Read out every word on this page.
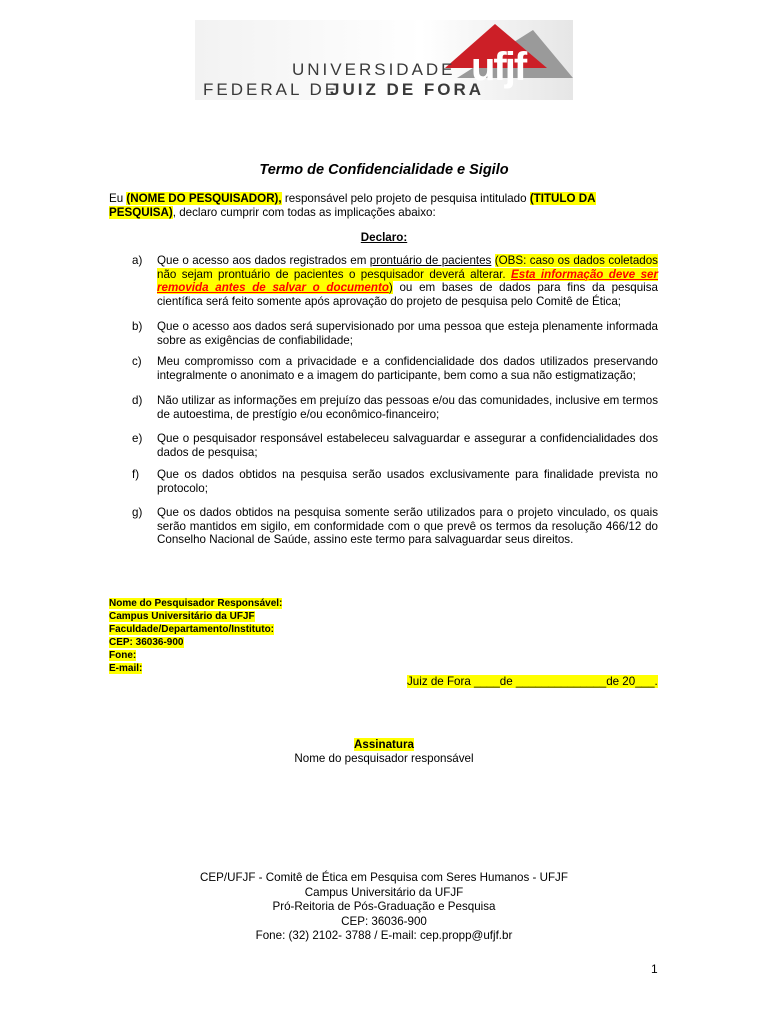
UNIVERSIDADE
FEDERAL DE
JUIZ DE FORA
ufjf
Termo de Confidencialidade e Sigilo
Eu (NOME DO PESQUISADOR), responsável pelo projeto de pesquisa intitulado (TITULO DA PESQUISA), declaro cumprir com todas as implicações abaixo:
Declaro:
a) Que o acesso aos dados registrados em prontuário de pacientes (OBS: caso os dados coletados não sejam prontuário de pacientes o pesquisador deverá alterar. Esta informação deve ser removida antes de salvar o documento) ou em bases de dados para fins da pesquisa científica será feito somente após aprovação do projeto de pesquisa pelo Comitê de Ética;
b) Que o acesso aos dados será supervisionado por uma pessoa que esteja plenamente informada sobre as exigências de confiabilidade;
c) Meu compromisso com a privacidade e a confidencialidade dos dados utilizados preservando integralmente o anonimato e a imagem do participante, bem como a sua não estigmatização;
d) Não utilizar as informações em prejuízo das pessoas e/ou das comunidades, inclusive em termos de autoestima, de prestígio e/ou econômico-financeiro;
e) Que o pesquisador responsável estabeleceu salvaguardar e assegurar a confidencialidades dos dados de pesquisa;
f) Que os dados obtidos na pesquisa serão usados exclusivamente para finalidade prevista no protocolo;
g) Que os dados obtidos na pesquisa somente serão utilizados para o projeto vinculado, os quais serão mantidos em sigilo, em conformidade com o que prevê os termos da resolução 466/12 do Conselho Nacional de Saúde, assino este termo para salvaguardar seus direitos.
Nome do Pesquisador Responsável:
Campus Universitário da UFJF
Faculdade/Departamento/Instituto:
CEP: 36036-900
Fone:
E-mail:
Juiz de Fora ____de ______________de 20___.
Assinatura
Nome do pesquisador responsável
CEP/UFJF - Comitê de Ética em Pesquisa com Seres Humanos - UFJF
Campus Universitário da UFJF
Pró-Reitoria de Pós-Graduação e Pesquisa
CEP: 36036-900
Fone: (32) 2102- 3788 / E-mail: cep.propp@ufjf.br
1
